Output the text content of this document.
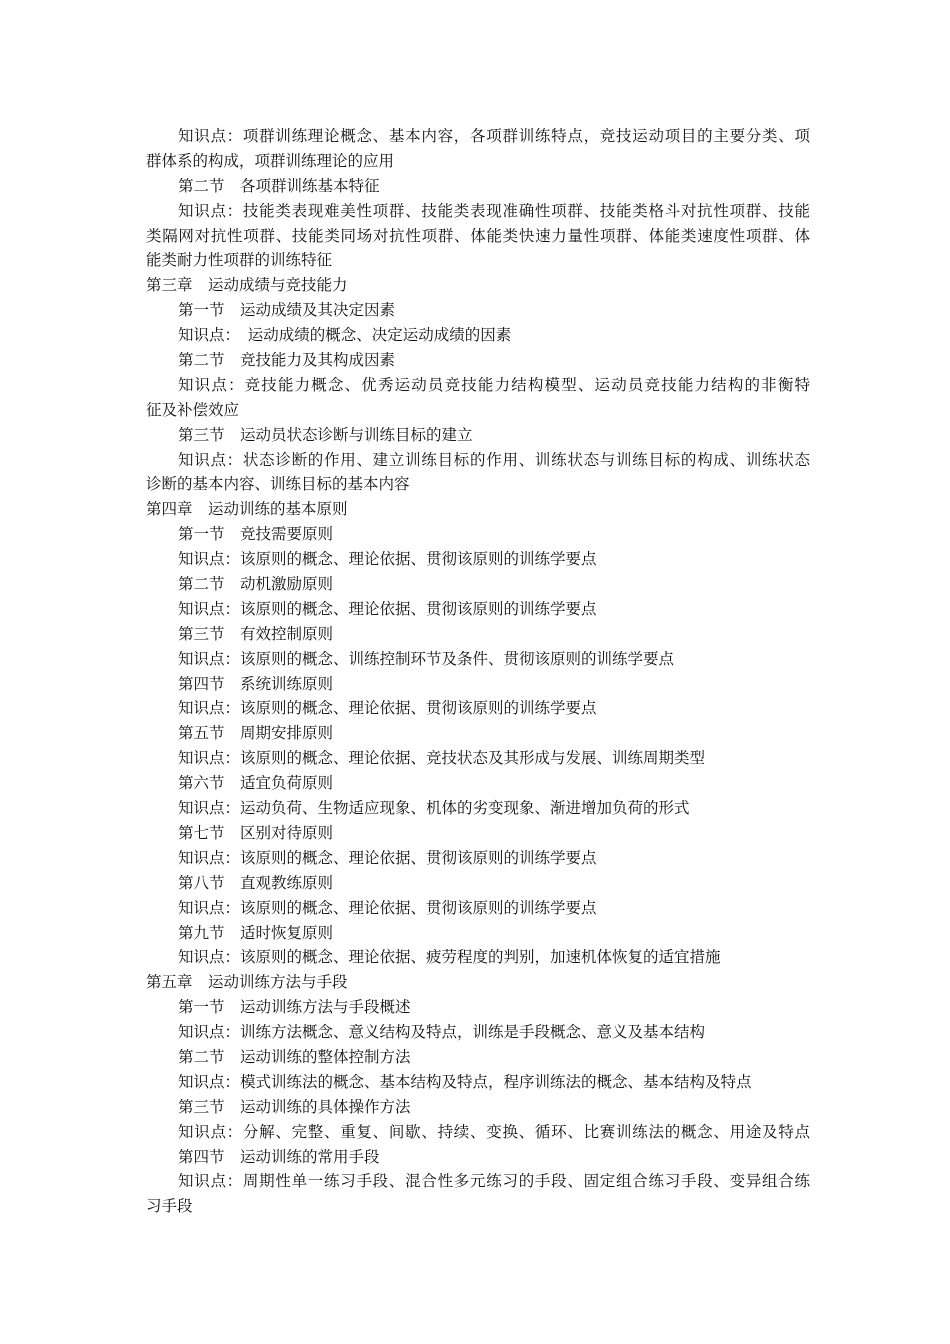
知识点：项群训练理论概念、基本内容，各项群训练特点，竞技运动项目的主要分类、项
群体系的构成，项群训练理论的应用
第二节　各项群训练基本特征
知识点：技能类表现难美性项群、技能类表现准确性项群、技能类格斗对抗性项群、技能
类隔网对抗性项群、技能类同场对抗性项群、体能类快速力量性项群、体能类速度性项群、体
能类耐力性项群的训练特征
第三章　运动成绩与竞技能力
第一节　运动成绩及其决定因素
知识点：　运动成绩的概念、决定运动成绩的因素
第二节　竞技能力及其构成因素
知识点：竞技能力概念、优秀运动员竞技能力结构模型、运动员竞技能力结构的非衡特
征及补偿效应
第三节　运动员状态诊断与训练目标的建立
知识点：状态诊断的作用、建立训练目标的作用、训练状态与训练目标的构成、训练状态
诊断的基本内容、训练目标的基本内容
第四章　运动训练的基本原则
第一节　竞技需要原则
知识点：该原则的概念、理论依据、贯彻该原则的训练学要点
第二节　动机激励原则
知识点：该原则的概念、理论依据、贯彻该原则的训练学要点
第三节　有效控制原则
知识点：该原则的概念、训练控制环节及条件、贯彻该原则的训练学要点
第四节　系统训练原则
知识点：该原则的概念、理论依据、贯彻该原则的训练学要点
第五节　周期安排原则
知识点：该原则的概念、理论依据、竞技状态及其形成与发展、训练周期类型
第六节　适宜负荷原则
知识点：运动负荷、生物适应现象、机体的劣变现象、渐进增加负荷的形式
第七节　区别对待原则
知识点：该原则的概念、理论依据、贯彻该原则的训练学要点
第八节　直观教练原则
知识点：该原则的概念、理论依据、贯彻该原则的训练学要点
第九节　适时恢复原则
知识点：该原则的概念、理论依据、疲劳程度的判别，加速机体恢复的适宜措施
第五章　运动训练方法与手段
第一节　运动训练方法与手段概述
知识点：训练方法概念、意义结构及特点，训练是手段概念、意义及基本结构
第二节　运动训练的整体控制方法
知识点：模式训练法的概念、基本结构及特点，程序训练法的概念、基本结构及特点
第三节　运动训练的具体操作方法
知识点：分解、完整、重复、间歇、持续、变换、循环、比赛训练法的概念、用途及特点
第四节　运动训练的常用手段
知识点：周期性单一练习手段、混合性多元练习的手段、固定组合练习手段、变异组合练
习手段
